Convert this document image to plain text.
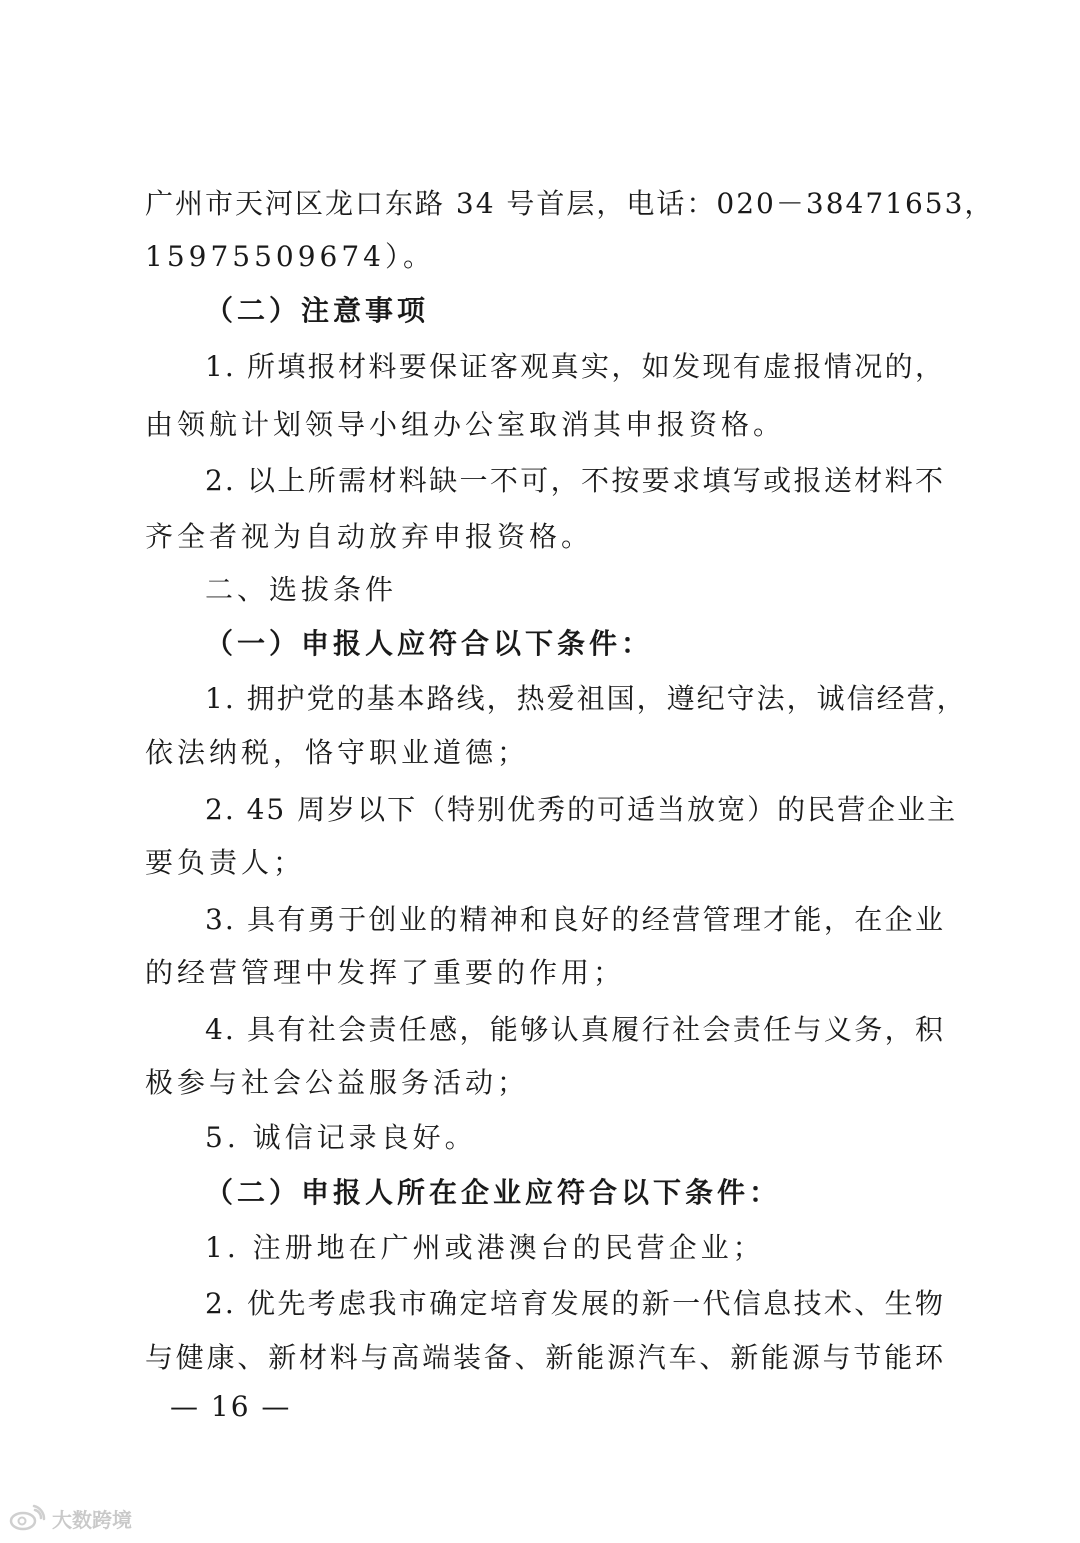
广州市天河区龙口东路 34 号首层，电话：020－38471653，
15975509674）。
（二）注意事项
1. 所填报材料要保证客观真实，如发现有虚报情况的，
由领航计划领导小组办公室取消其申报资格。
2. 以上所需材料缺一不可，不按要求填写或报送材料不
齐全者视为自动放弃申报资格。
二、选拔条件
（一）申报人应符合以下条件：
1. 拥护党的基本路线，热爱祖国，遵纪守法，诚信经营，
依法纳税，恪守职业道德；
2. 45 周岁以下（特别优秀的可适当放宽）的民营企业主
要负责人；
3. 具有勇于创业的精神和良好的经营管理才能，在企业
的经营管理中发挥了重要的作用；
4. 具有社会责任感，能够认真履行社会责任与义务，积
极参与社会公益服务活动；
5. 诚信记录良好。
（二）申报人所在企业应符合以下条件：
1. 注册地在广州或港澳台的民营企业；
2. 优先考虑我市确定培育发展的新一代信息技术、生物
与健康、新材料与高端装备、新能源汽车、新能源与节能环
— 16 —
大数跨境
